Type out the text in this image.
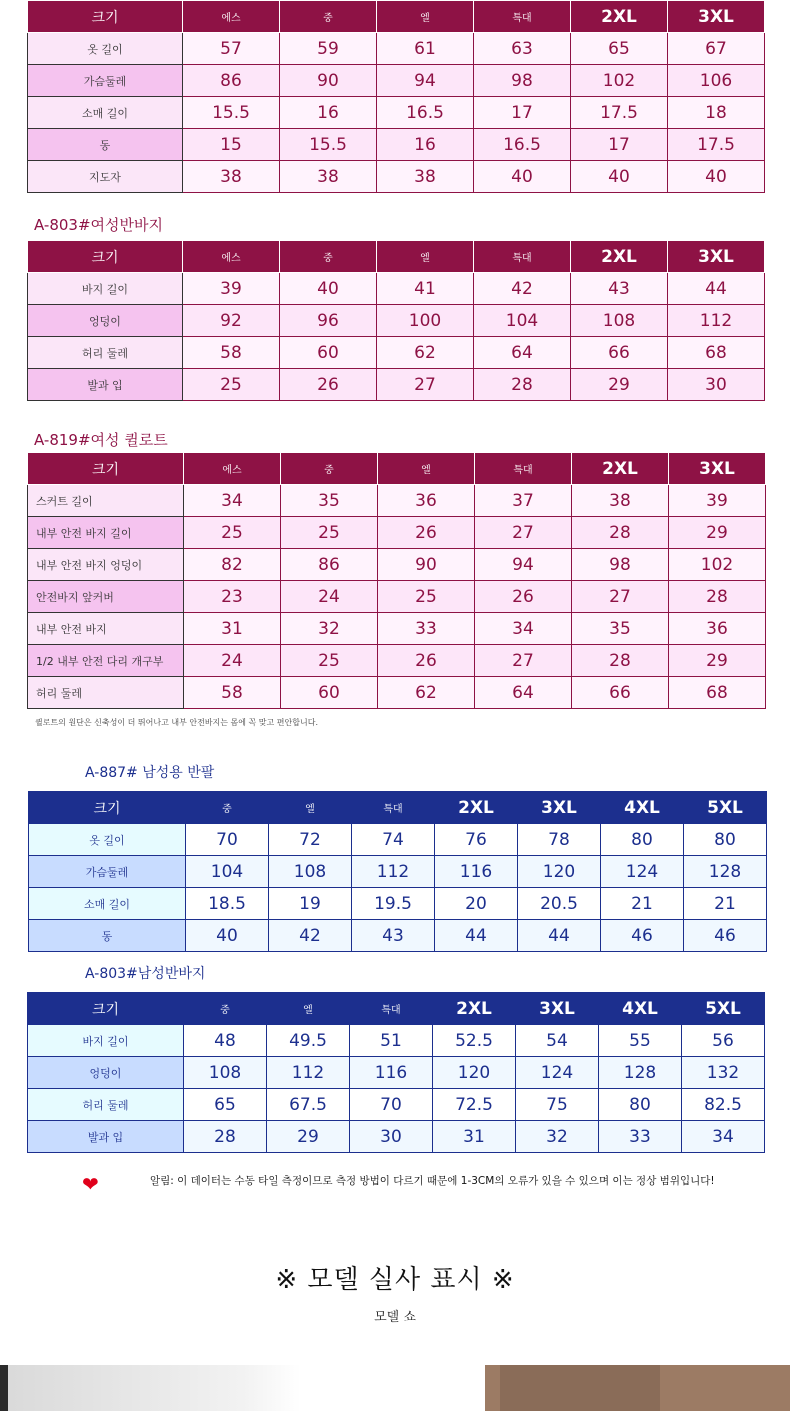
크기	에스	중	엘	특대	2XL	3XL
옷 길이	57	59	61	63	65	67
가슴둘레	86	90	94	98	102	106
소매 길이	15.5	16	16.5	17	17.5	18
동	15	15.5	16	16.5	17	17.5
지도자	38	38	38	40	40	40
A-803#여성반바지
크기	에스	중	엘	특대	2XL	3XL
바지 길이	39	40	41	42	43	44
엉덩이	92	96	100	104	108	112
허리 둘레	58	60	62	64	66	68
발과 입	25	26	27	28	29	30
A-819#여성 퀼로트
크기	에스	중	엘	특대	2XL	3XL
스커트 길이	34	35	36	37	38	39
내부 안전 바지 길이	25	25	26	27	28	29
내부 안전 바지 엉덩이	82	86	90	94	98	102
안전바지 앞커버	23	24	25	26	27	28
내부 안전 바지	31	32	33	34	35	36
1/2 내부 안전 다리 개구부	24	25	26	27	28	29
허리 둘레	58	60	62	64	66	68
퀼로트의 원단은 신축성이 더 뛰어나고 내부 안전바지는 몸에 꼭 맞고 편안합니다.
A-887# 남성용 반팔
크기	중	엘	특대	2XL	3XL	4XL	5XL
옷 길이	70	72	74	76	78	80	80
가슴둘레	104	108	112	116	120	124	128
소매 길이	18.5	19	19.5	20	20.5	21	21
동	40	42	43	44	44	46	46
A-803#남성반바지
크기	중	엘	특대	2XL	3XL	4XL	5XL
바지 길이	48	49.5	51	52.5	54	55	56
엉덩이	108	112	116	120	124	128	132
허리 둘레	65	67.5	70	72.5	75	80	82.5
발과 입	28	29	30	31	32	33	34
❤	알림: 이 데이터는 수동 타일 측정이므로 측정 방법이 다르기 때문에 1-3CM의 오류가 있을 수 있으며 이는 정상 범위입니다!
※ 모델 실사 표시 ※
모델 쇼
